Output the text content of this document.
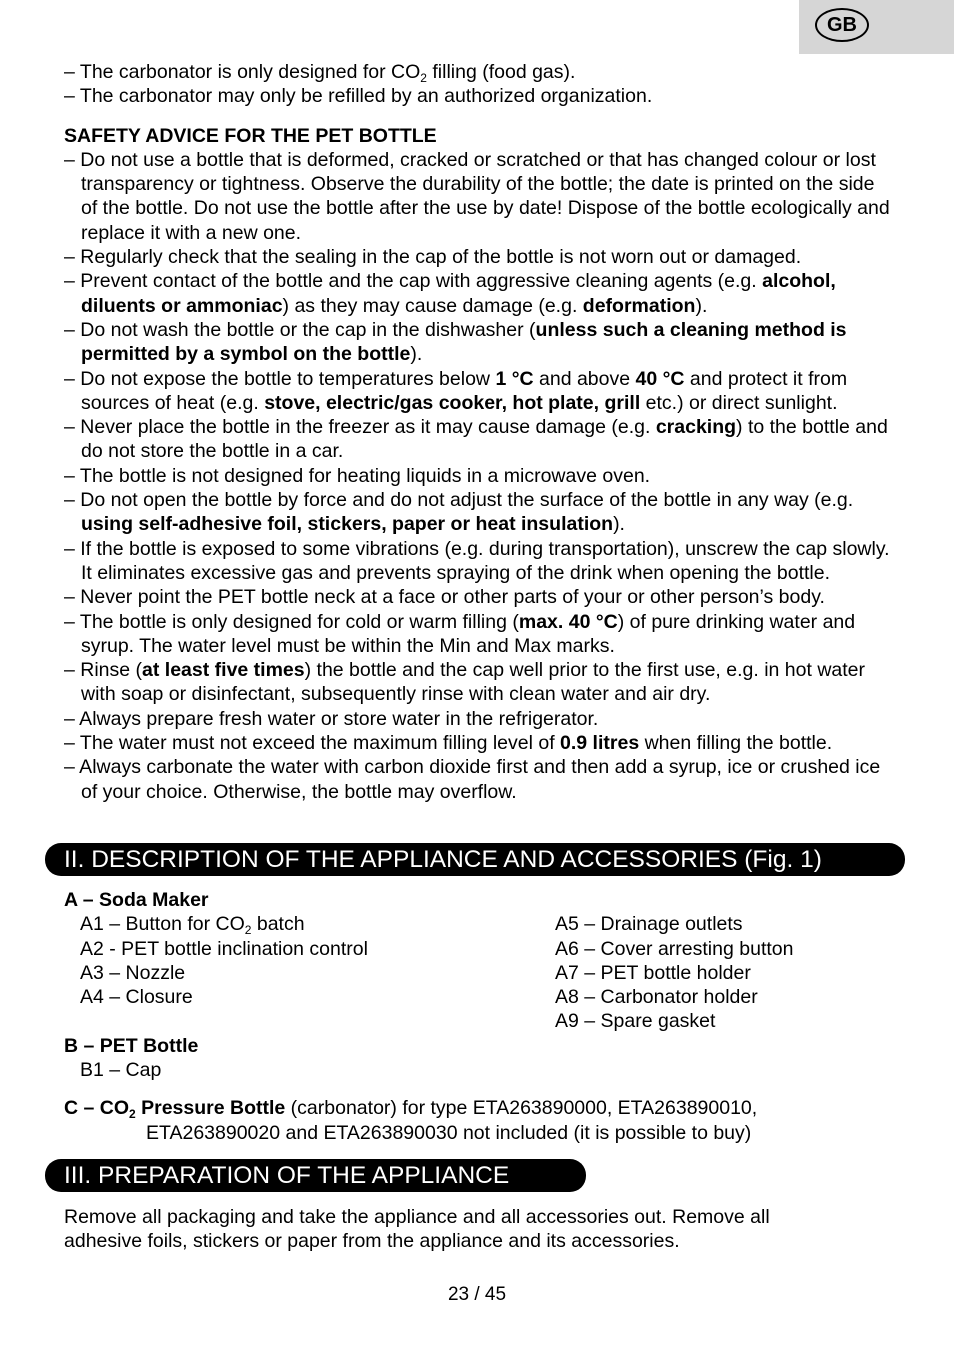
GB

– The carbonator is only designed for $CO_2$ filling (food gas).

– The carbonator may only be refilled by an authorized organization.

SAFETY ADVICE FOR THE PET BOTTLE

– Do not use a bottle that is deformed, cracked or scratched or that has changed colour or lost transparency or tightness. Observe the durability of the bottle; the date is printed on the side of the bottle. Do not use the bottle after the use by date! Dispose of the bottle ecologically and replace it with a new one.

– Regularly check that the sealing in the cap of the bottle is not worn out or damaged.

– Prevent contact of the bottle and the cap with aggressive cleaning agents (e.g. alcohol, diluents or ammoniac) as they may cause damage (e.g. deformation).

– Do not wash the bottle or the cap in the dishwasher (unless such a cleaning method is permitted by a symbol on the bottle).

– Do not expose the bottle to temperatures below 1 °C and above 40 °C and protect it from sources of heat (e.g. stove, electric/gas cooker, hot plate, grill etc.) or direct sunlight.

– Never place the bottle in the freezer as it may cause damage (e.g. cracking) to the bottle and do not store the bottle in a car.

– The bottle is not designed for heating liquids in a microwave oven.

– Do not open the bottle by force and do not adjust the surface of the bottle in any way (e.g. using self-adhesive foil, stickers, paper or heat insulation).

– If the bottle is exposed to some vibrations (e.g. during transportation), unscrew the cap slowly. It eliminates excessive gas and prevents spraying of the drink when opening the bottle.

– Never point the PET bottle neck at a face or other parts of your or other person’s body.

– The bottle is only designed for cold or warm filling (max. 40 °C) of pure drinking water and syrup. The water level must be within the Min and Max marks.

– Rinse (at least five times) the bottle and the cap well prior to the first use, e.g. in hot water with soap or disinfectant, subsequently rinse with clean water and air dry.

– Always prepare fresh water or store water in the refrigerator.

– The water must not exceed the maximum filling level of 0.9 litres when filling the bottle.

– Always carbonate the water with carbon dioxide first and then add a syrup, ice or crushed ice of your choice. Otherwise, the bottle may overflow.

II. DESCRIPTION OF THE APPLIANCE AND ACCESSORIES (Fig. 1)

A – Soda Maker

A1 – Button for $CO_2$ batch

A2 - PET bottle inclination control

A3 – Nozzle

A4 – Closure

A5 – Drainage outlets

A6 – Cover arresting button

A7 – PET bottle holder

A8 – Carbonator holder

A9 – Spare gasket

B – PET Bottle

B1 – Cap

C – $CO_2$ Pressure Bottle (carbonator) for type ETA263890000, ETA263890010, ETA263890020 and ETA263890030 not included (it is possible to buy)

III. PREPARATION OF THE APPLIANCE

Remove all packaging and take the appliance and all accessories out. Remove all adhesive foils, stickers or paper from the appliance and its accessories.

23 / 45
